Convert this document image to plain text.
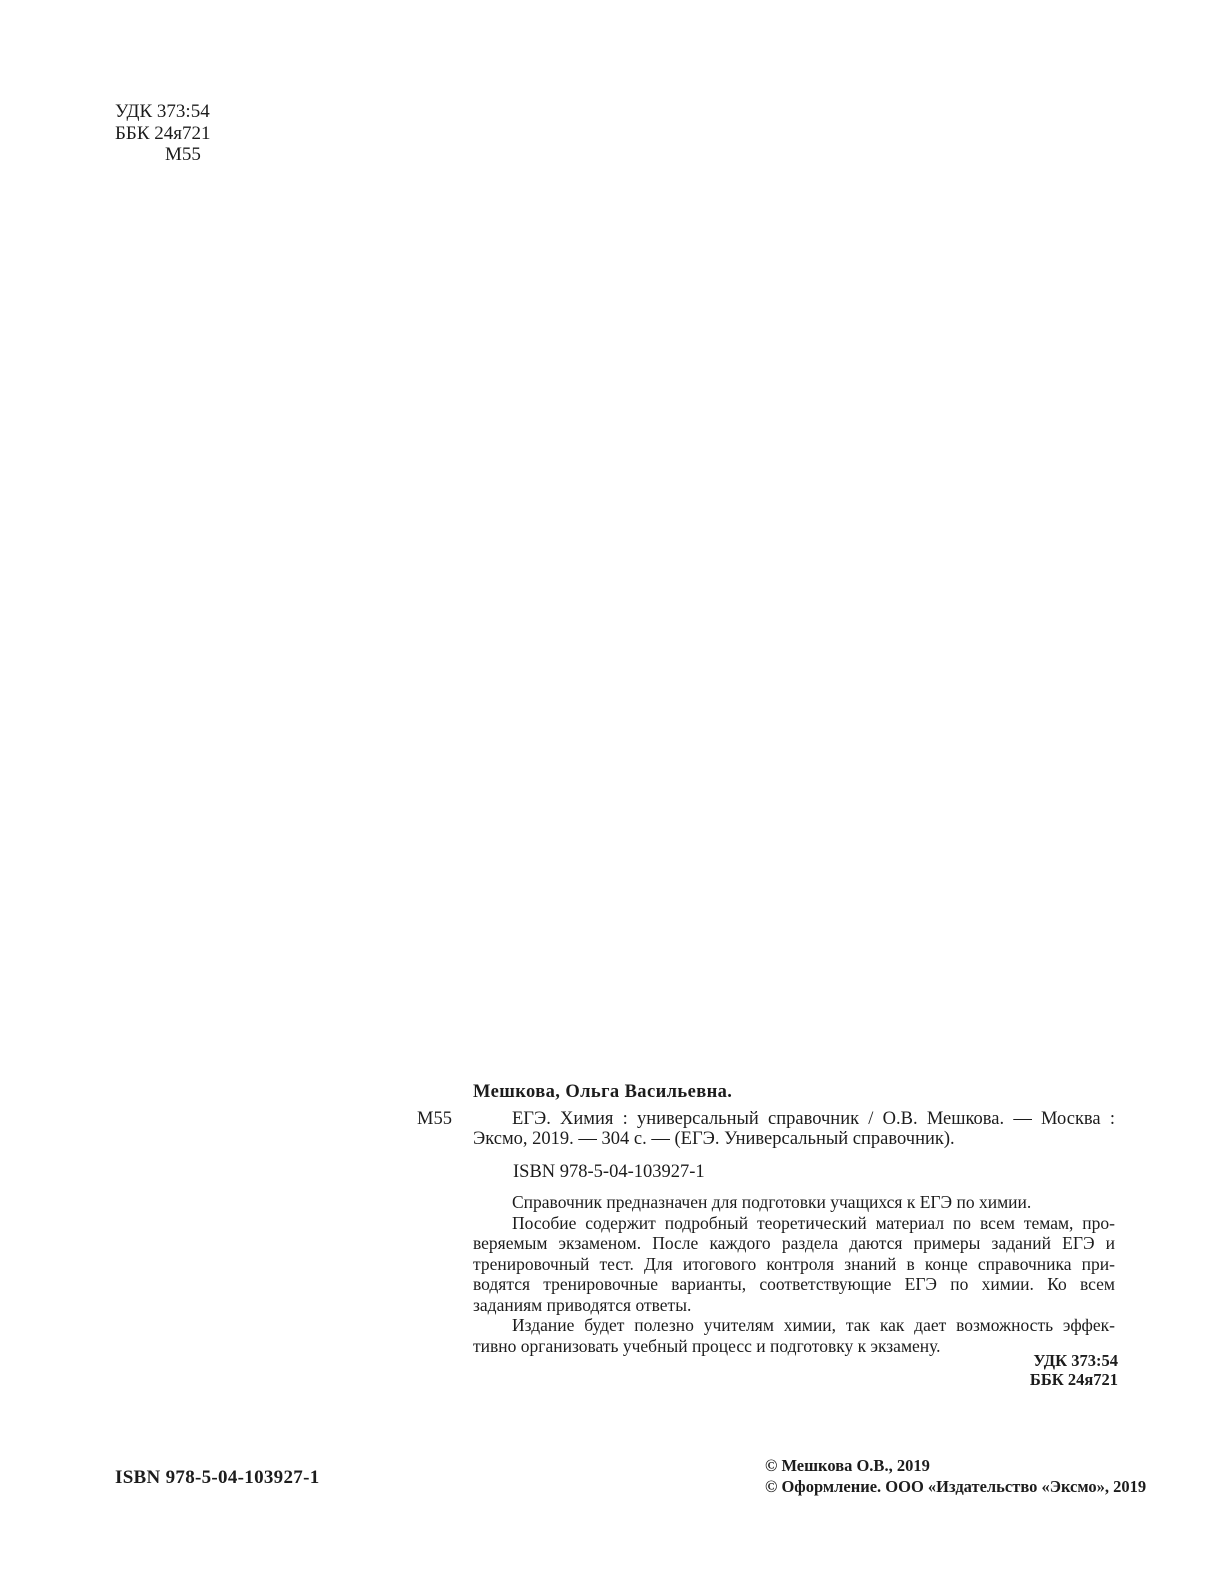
УДК 373:54
ББК 24я721
М55
Мешкова, Ольга Васильевна.
М55	ЕГЭ. Химия : универсальный справочник / О.В. Мешкова. — Москва :
Эксмо, 2019. — 304 с. — (ЕГЭ. Универсальный справочник).
ISBN 978-5-04-103927-1
Справочник предназначен для подготовки учащихся к ЕГЭ по химии.
Пособие содержит подробный теоретический материал по всем темам, про-
веряемым экзаменом. После каждого раздела даются примеры заданий ЕГЭ и
тренировочный тест. Для итогового контроля знаний в конце справочника при-
водятся тренировочные варианты, соответствующие ЕГЭ по химии. Ко всем
заданиям приводятся ответы.
Издание будет полезно учителям химии, так как дает возможность эффек-
тивно организовать учебный процесс и подготовку к экзамену.
УДК 373:54
ББК 24я721
© Мешкова О.В., 2019
© Оформление. ООО «Издательство «Эксмо», 2019
ISBN 978-5-04-103927-1
